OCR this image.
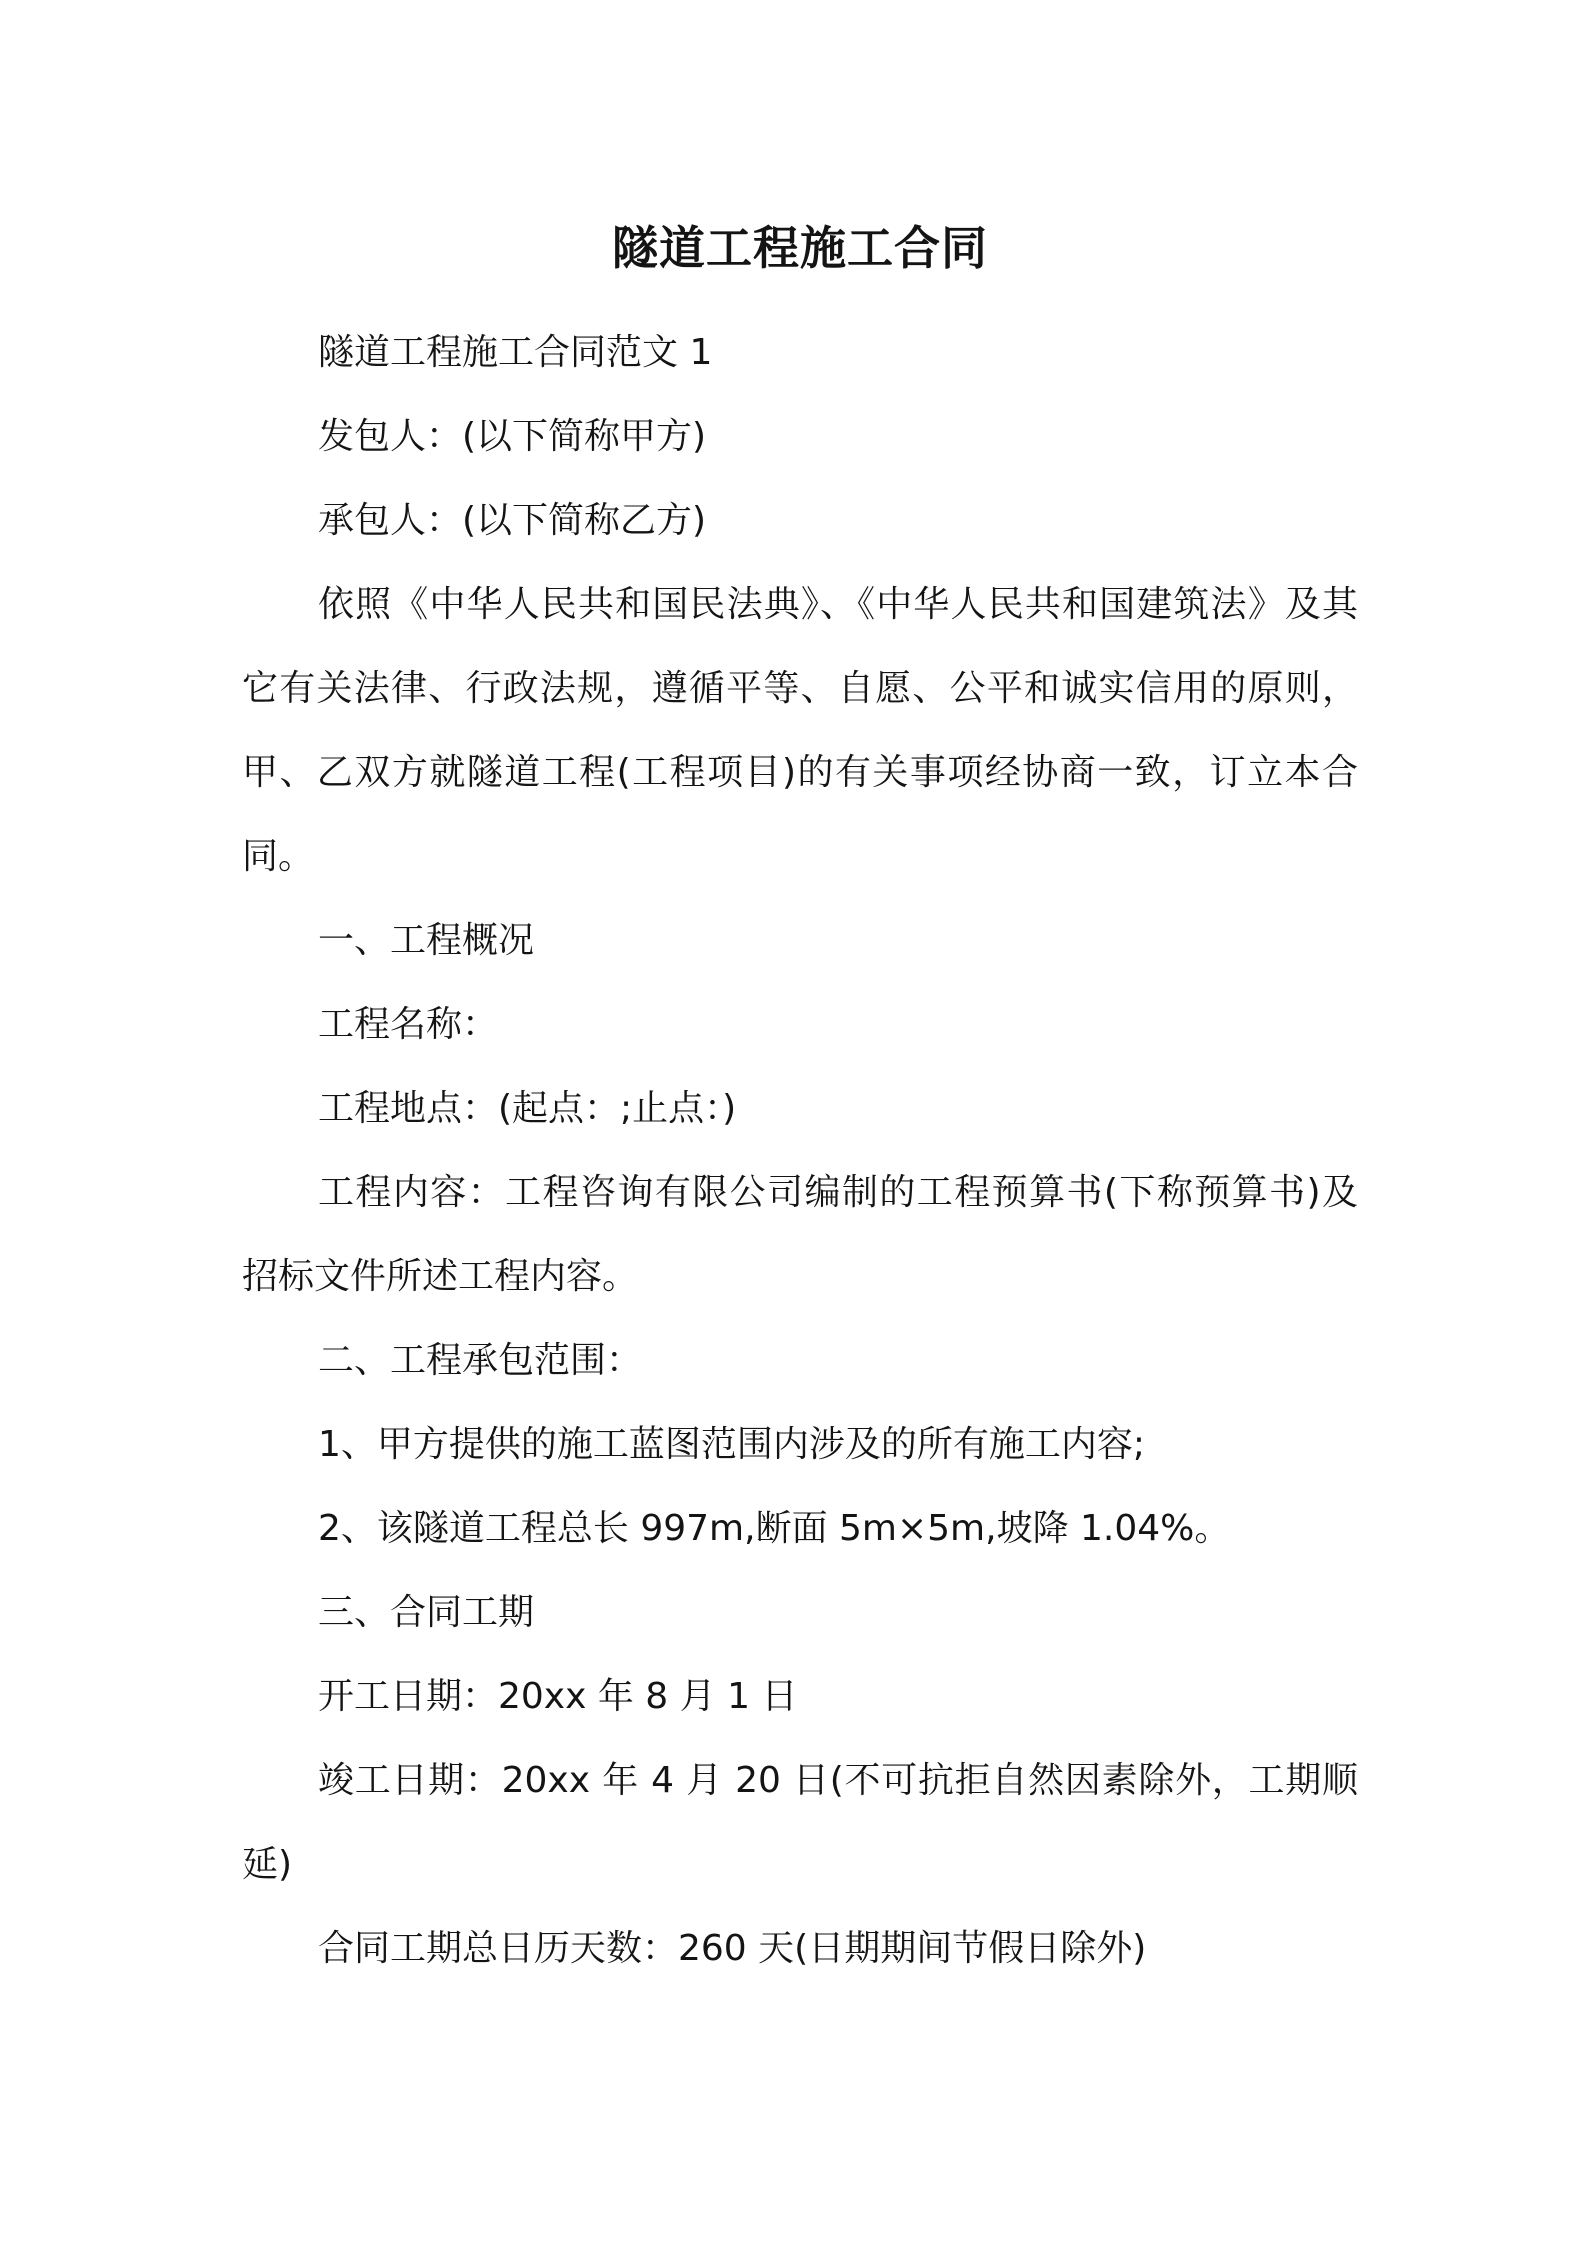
隧道工程施工合同
隧道工程施工合同范文 1
发包人：(以下简称甲方)
承包人：(以下简称乙方)
依照《中华人民共和国民法典》、《中华人民共和国建筑法》及其
它有关法律、行政法规，遵循平等、自愿、公平和诚实信用的原则，
甲、乙双方就隧道工程(工程项目)的有关事项经协商一致，订立本合
同。
一、工程概况
工程名称：
工程地点：(起点：;止点：)
工程内容：工程咨询有限公司编制的工程预算书(下称预算书)及
招标文件所述工程内容。
二、工程承包范围：
1、甲方提供的施工蓝图范围内涉及的所有施工内容;
2、该隧道工程总长 997m,断面 5m×5m,坡降 1.04%。
三、合同工期
开工日期：20xx 年 8 月 1 日
竣工日期：20xx 年 4 月 20 日(不可抗拒自然因素除外，工期顺
延)
合同工期总日历天数：260 天(日期期间节假日除外)
